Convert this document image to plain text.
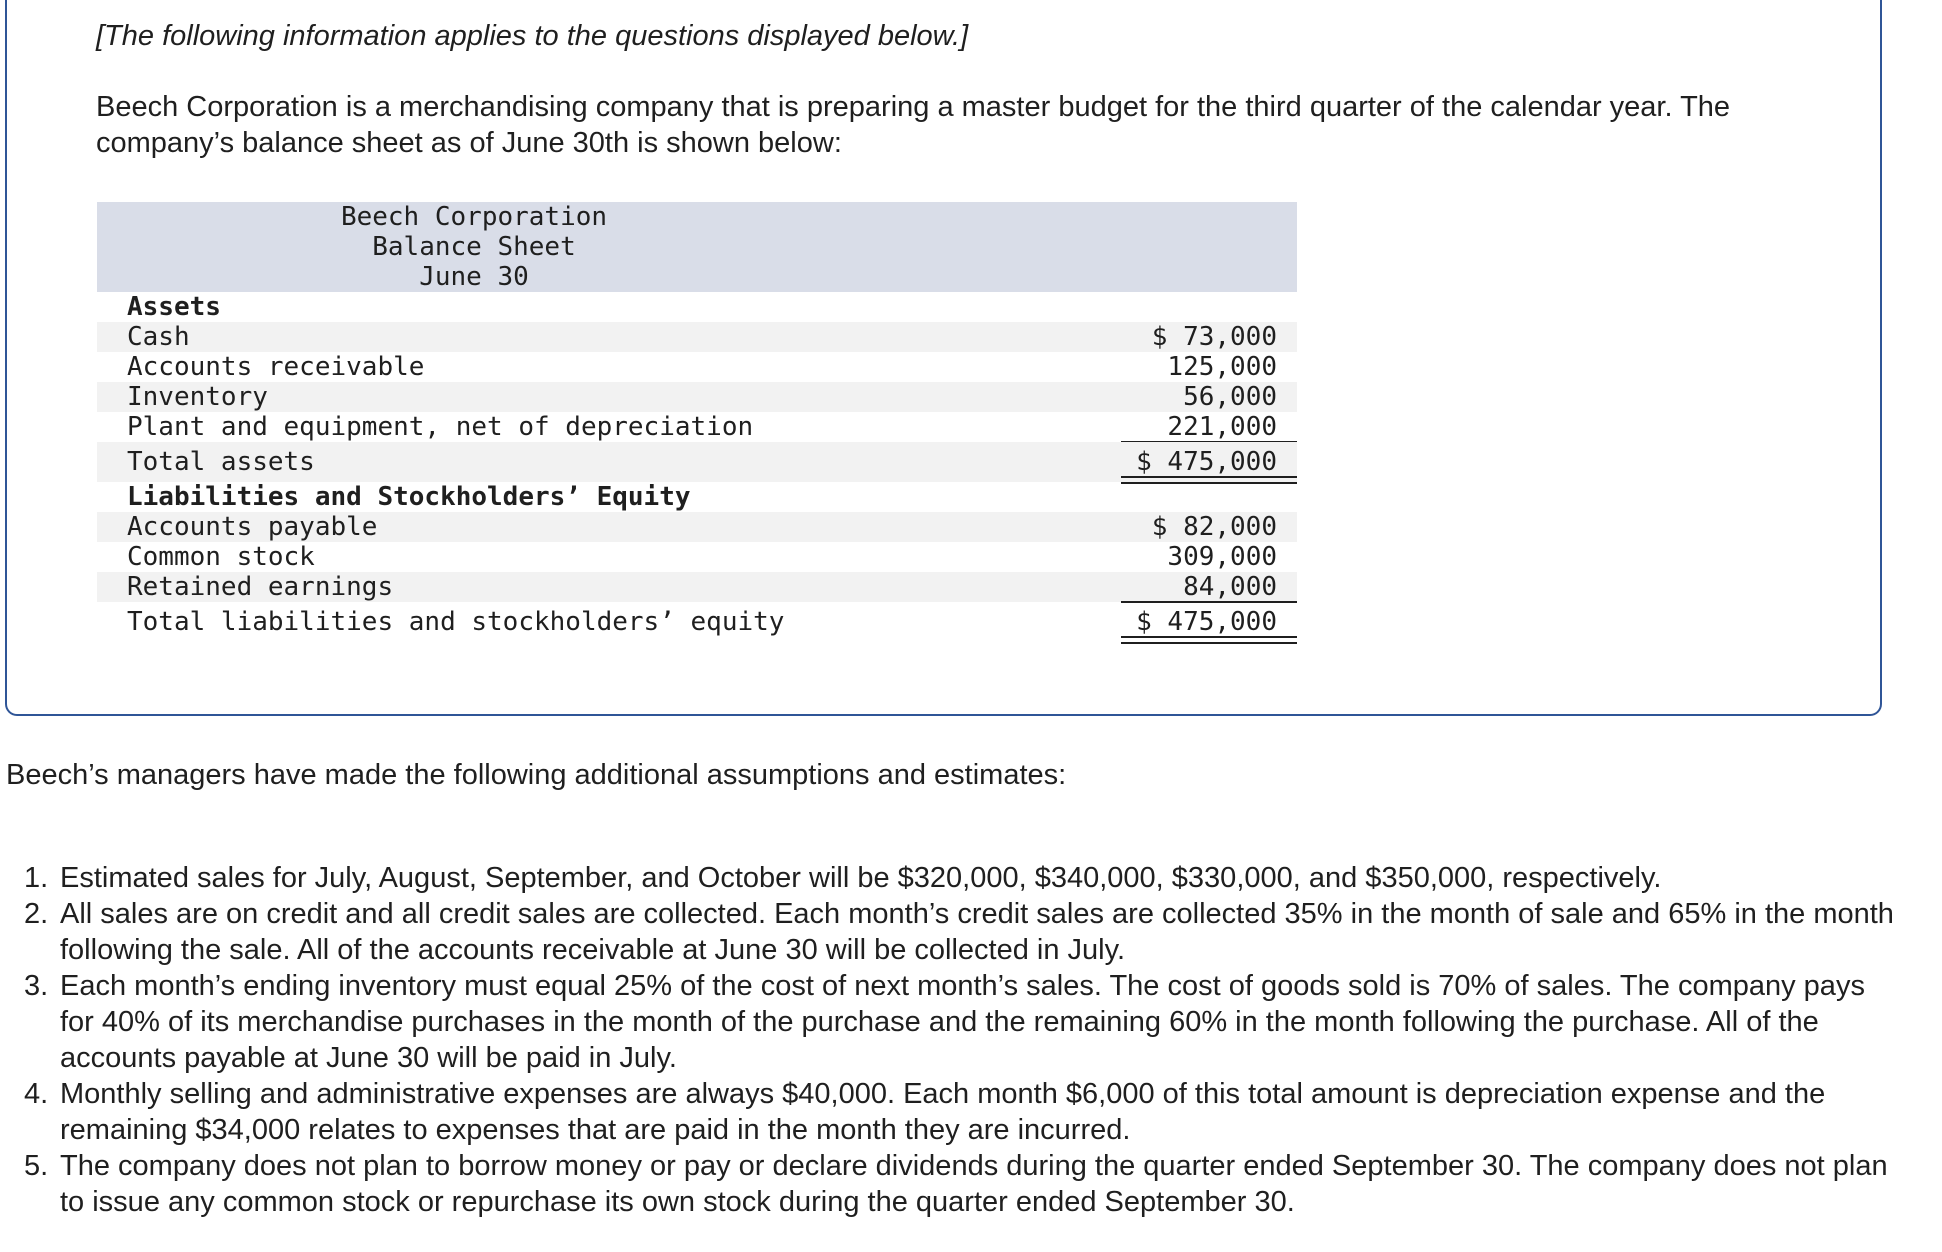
[The following information applies to the questions displayed below.]
Beech Corporation is a merchandising company that is preparing a master budget for the third quarter of the calendar year. The company’s balance sheet as of June 30th is shown below:
Beech Corporation
Balance Sheet
June 30
Assets
Cash	$ 73,000
Accounts receivable	125,000
Inventory	56,000
Plant and equipment, net of depreciation	221,000
Total assets	$ 475,000
Liabilities and Stockholders’ Equity
Accounts payable	$ 82,000
Common stock	309,000
Retained earnings	84,000
Total liabilities and stockholders’ equity	$ 475,000
Beech’s managers have made the following additional assumptions and estimates:
1. Estimated sales for July, August, September, and October will be $320,000, $340,000, $330,000, and $350,000, respectively.
2. All sales are on credit and all credit sales are collected. Each month’s credit sales are collected 35% in the month of sale and 65% in the month following the sale. All of the accounts receivable at June 30 will be collected in July.
3. Each month’s ending inventory must equal 25% of the cost of next month’s sales. The cost of goods sold is 70% of sales. The company pays for 40% of its merchandise purchases in the month of the purchase and the remaining 60% in the month following the purchase. All of the accounts payable at June 30 will be paid in July.
4. Monthly selling and administrative expenses are always $40,000. Each month $6,000 of this total amount is depreciation expense and the remaining $34,000 relates to expenses that are paid in the month they are incurred.
5. The company does not plan to borrow money or pay or declare dividends during the quarter ended September 30. The company does not plan to issue any common stock or repurchase its own stock during the quarter ended September 30.
